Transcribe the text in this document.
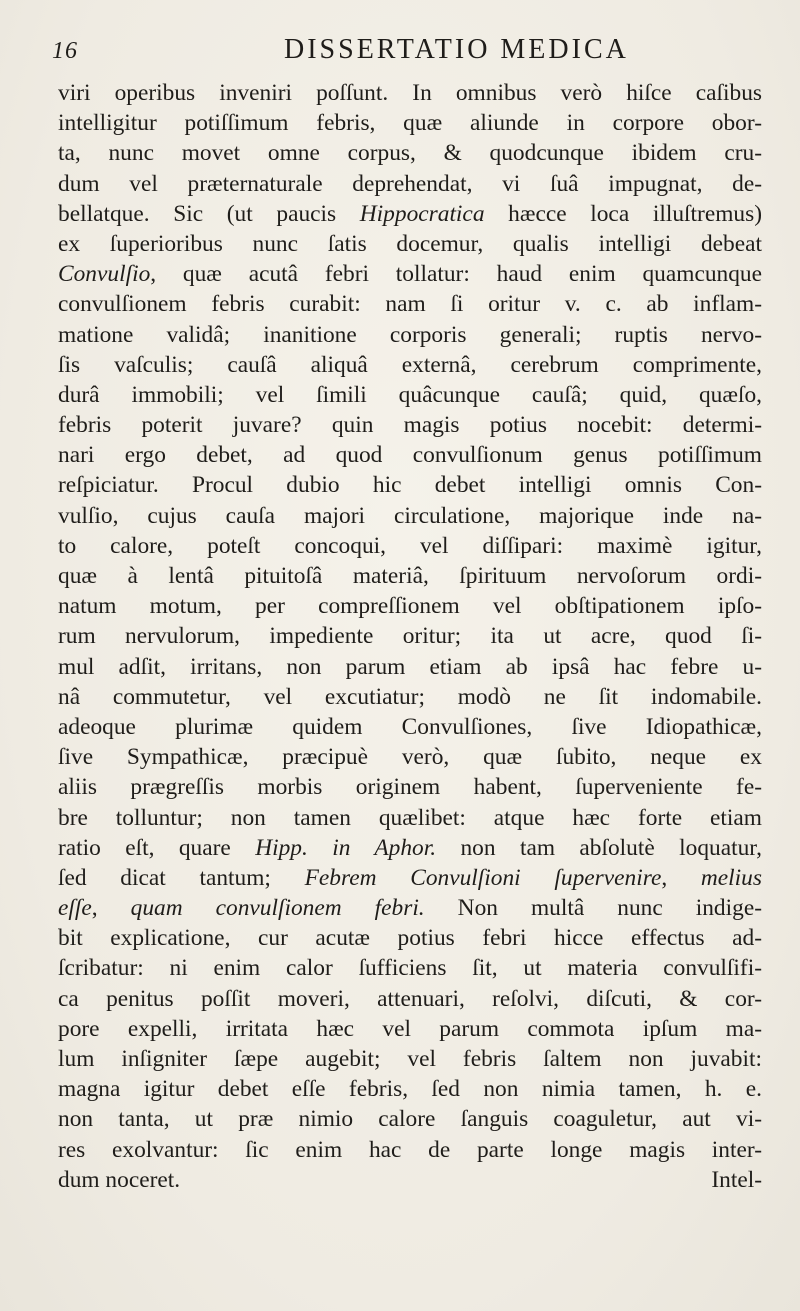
16	DISSERTATIO MEDICA
viri operibus inveniri poſſunt. In omnibus verò hiſce caſibus
intelligitur potiſſimum febris, quæ aliunde in corpore obor-
ta, nunc movet omne corpus, & quodcunque ibidem cru-
dum vel præternaturale deprehendat, vi ſuâ impugnat, de-
bellatque. Sic (ut paucis Hippocratica hæcce loca illuſtremus)
ex ſuperioribus nunc ſatis docemur, qualis intelligi debeat
Convulſio, quæ acutâ febri tollatur: haud enim quamcunque
convulſionem febris curabit: nam ſi oritur v. c. ab inflam-
matione validâ; inanitione corporis generali; ruptis nervo-
ſis vaſculis; cauſâ aliquâ externâ, cerebrum comprimente,
durâ immobili; vel ſimili quâcunque cauſâ; quid, quæſo,
febris poterit juvare? quin magis potius nocebit: determi-
nari ergo debet, ad quod convulſionum genus potiſſimum
reſpiciatur. Procul dubio hic debet intelligi omnis Con-
vulſio, cujus cauſa majori circulatione, majorique inde na-
to calore, poteſt concoqui, vel diſſipari: maximè igitur,
quæ à lentâ pituitoſâ materiâ, ſpirituum nervoſorum ordi-
natum motum, per compreſſionem vel obſtipationem ipſo-
rum nervulorum, impediente oritur; ita ut acre, quod ſi-
mul adſit, irritans, non parum etiam ab ipsâ hac febre u-
nâ commutetur, vel excutiatur; modò ne ſit indomabile.
adeoque plurimæ quidem Convulſiones, ſive Idiopathicæ,
ſive Sympathicæ, præcipuè verò, quæ ſubito, neque ex
aliis prægreſſis morbis originem habent, ſuperveniente fe-
bre tolluntur; non tamen quælibet: atque hæc forte etiam
ratio eſt, quare Hipp. in Aphor. non tam abſolutè loquatur,
ſed dicat tantum; Febrem Convulſioni ſupervenire, melius
eſſe, quam convulſionem febri. Non multâ nunc indige-
bit explicatione, cur acutæ potius febri hicce effectus ad-
ſcribatur: ni enim calor ſufficiens ſit, ut materia convulſifi-
ca penitus poſſit moveri, attenuari, reſolvi, diſcuti, & cor-
pore expelli, irritata hæc vel parum commota ipſum ma-
lum inſigniter ſæpe augebit; vel febris ſaltem non juvabit:
magna igitur debet eſſe febris, ſed non nimia tamen, h. e.
non tanta, ut præ nimio calore ſanguis coaguletur, aut vi-
res exolvantur: ſic enim hac de parte longe magis inter-
dum noceret.	Intel-
